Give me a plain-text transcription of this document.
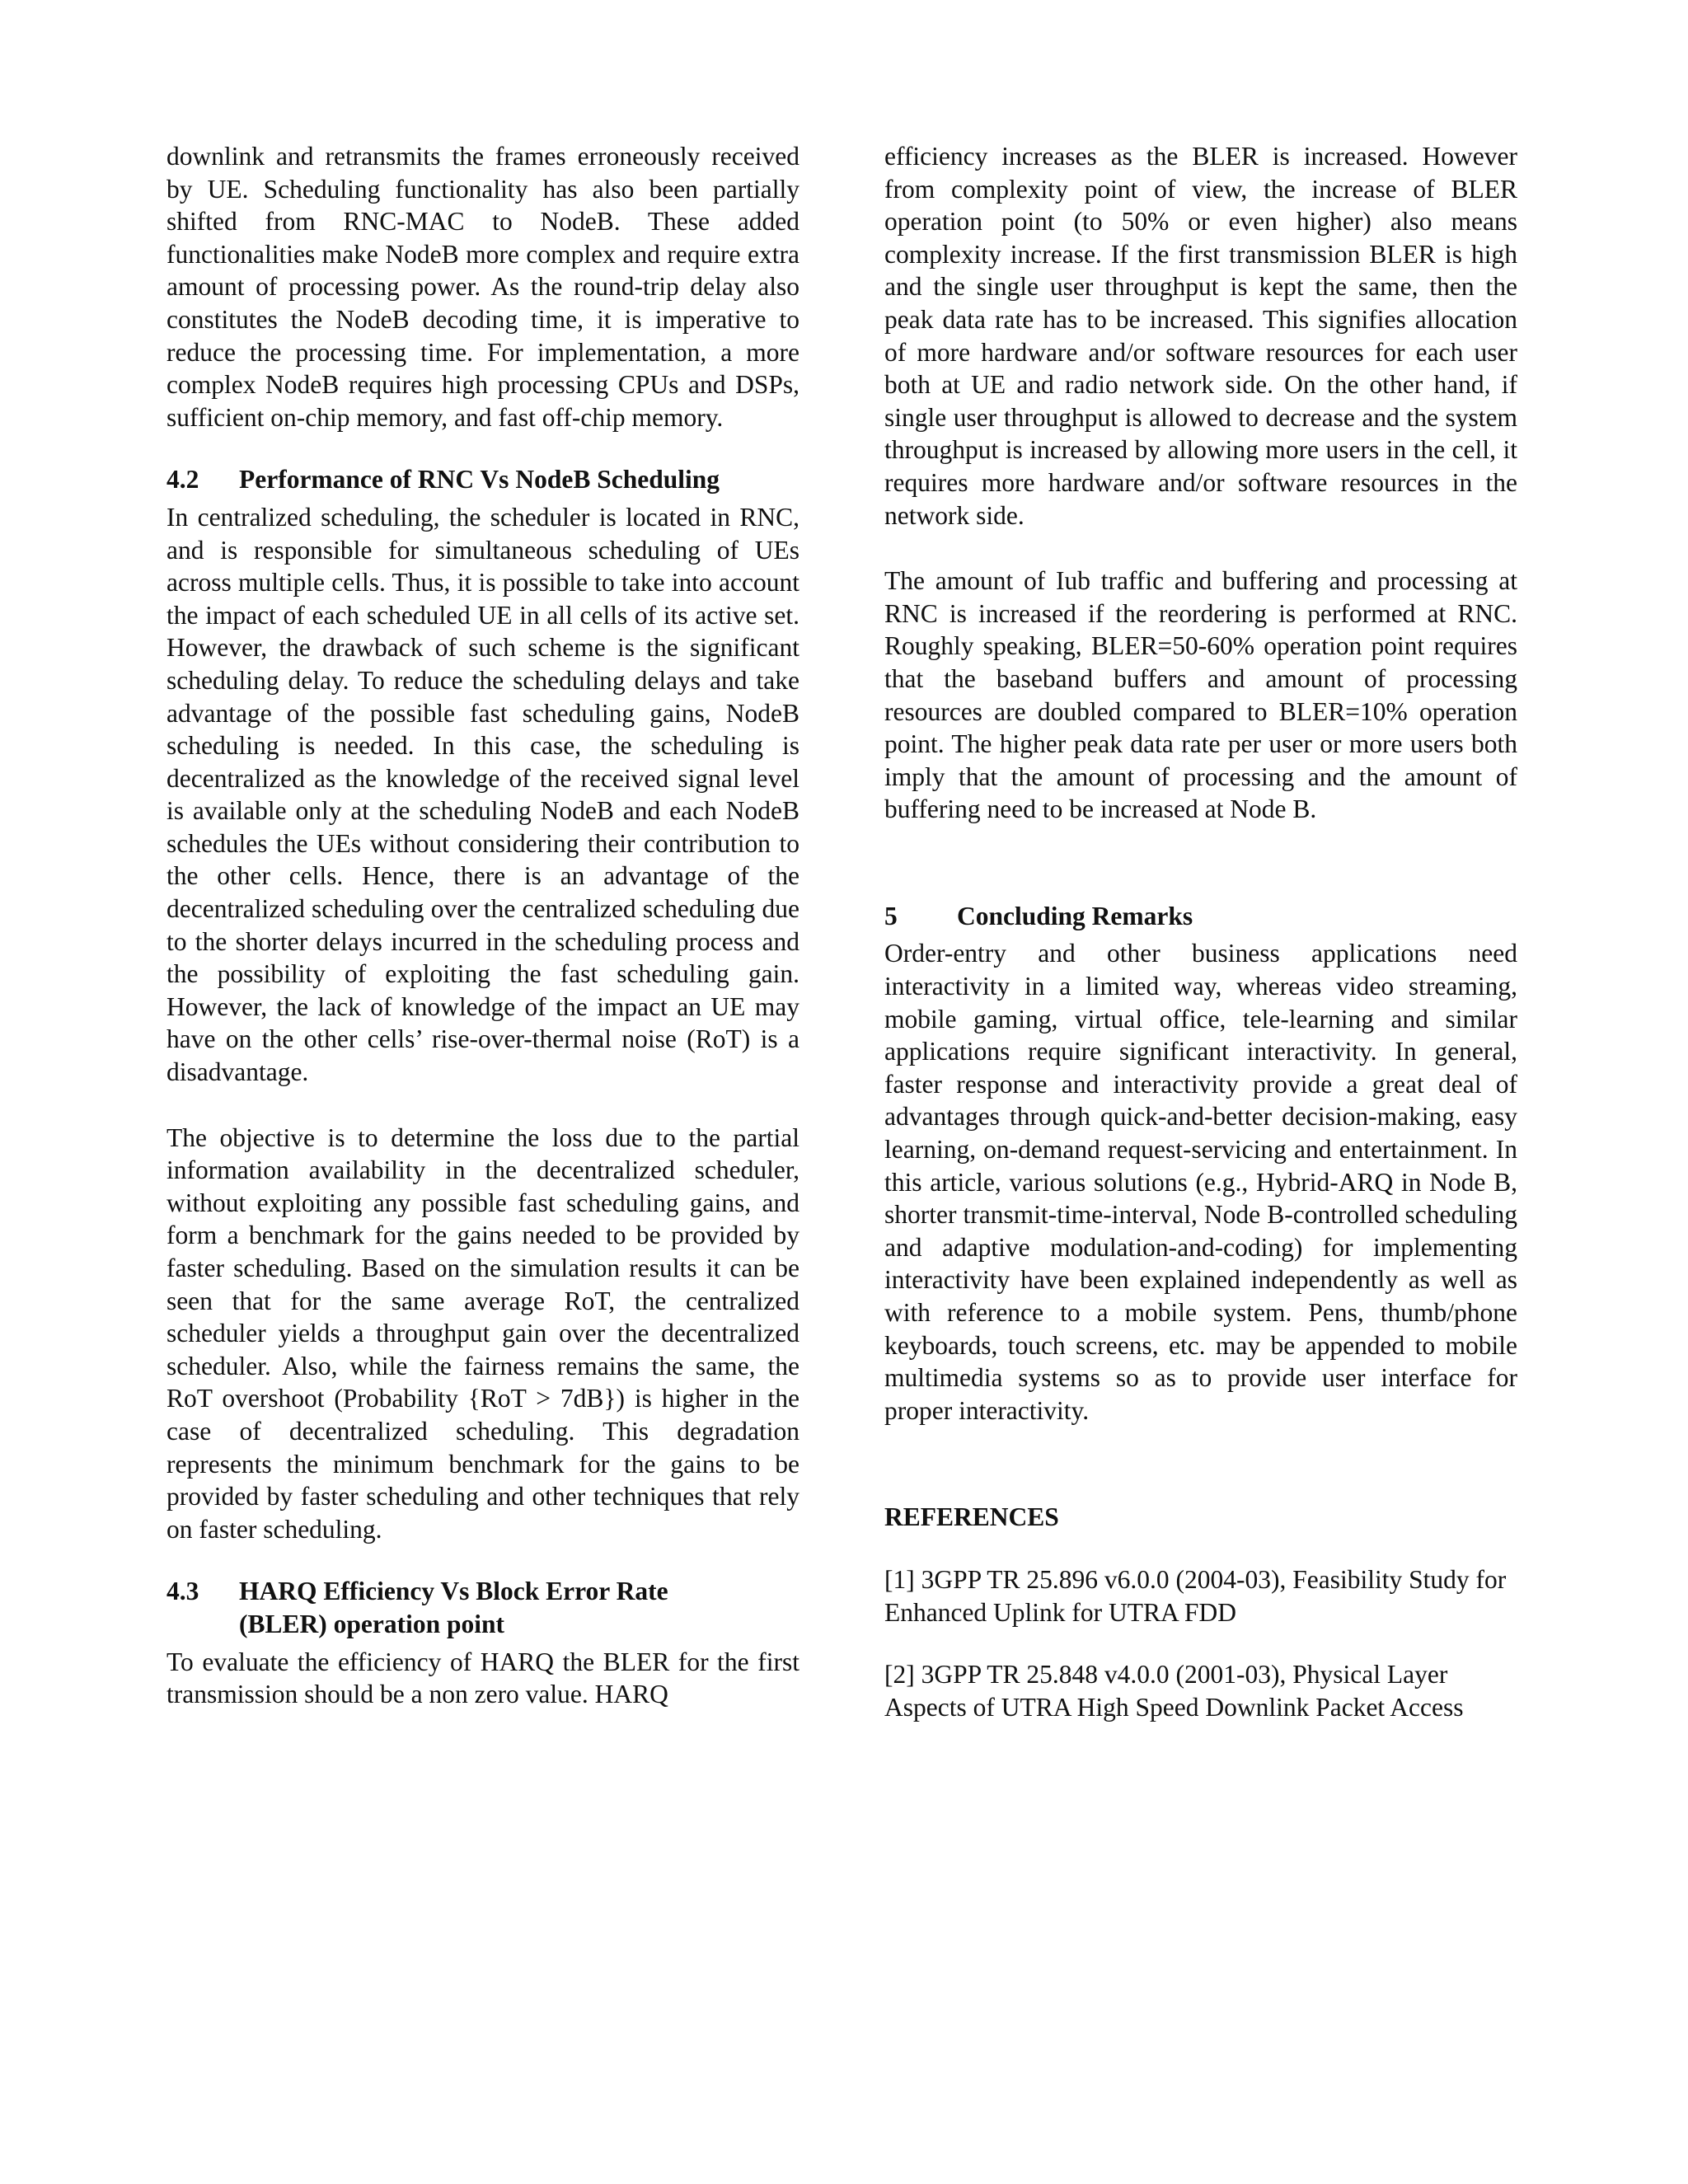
downlink and retransmits the frames erroneously received by UE. Scheduling functionality has also been partially shifted from RNC-MAC to NodeB. These added functionalities make NodeB more complex and require extra amount of processing power. As the round-trip delay also constitutes the NodeB decoding time, it is imperative to reduce the processing time. For implementation, a more complex NodeB requires high processing CPUs and DSPs, sufficient on-chip memory, and fast off-chip memory.

4.2	Performance of RNC Vs NodeB Scheduling

In centralized scheduling, the scheduler is located in RNC, and is responsible for simultaneous scheduling of UEs across multiple cells. Thus, it is possible to take into account the impact of each scheduled UE in all cells of its active set. However, the drawback of such scheme is the significant scheduling delay. To reduce the scheduling delays and take advantage of the possible fast scheduling gains, NodeB scheduling is needed. In this case, the scheduling is decentralized as the knowledge of the received signal level is available only at the scheduling NodeB and each NodeB schedules the UEs without considering their contribution to the other cells. Hence, there is an advantage of the decentralized scheduling over the centralized scheduling due to the shorter delays incurred in the scheduling process and the possibility of exploiting the fast scheduling gain. However, the lack of knowledge of the impact an UE may have on the other cells’ rise-over-thermal noise (RoT) is a disadvantage.

The objective is to determine the loss due to the partial information availability in the decentralized scheduler, without exploiting any possible fast scheduling gains, and form a benchmark for the gains needed to be provided by faster scheduling. Based on the simulation results it can be seen that for the same average RoT, the centralized scheduler yields a throughput gain over the decentralized scheduler. Also, while the fairness remains the same, the RoT overshoot (Probability {RoT > 7dB}) is higher in the case of decentralized scheduling. This degradation represents the minimum benchmark for the gains to be provided by faster scheduling and other techniques that rely on faster scheduling.

4.3	HARQ Efficiency Vs Block Error Rate
(BLER) operation point

To evaluate the efficiency of HARQ the BLER for the first transmission should be a non zero value. HARQ

efficiency increases as the BLER is increased. However from complexity point of view, the increase of BLER operation point (to 50% or even higher) also means complexity increase. If the first transmission BLER is high and the single user throughput is kept the same, then the peak data rate has to be increased. This signifies allocation of more hardware and/or software resources for each user both at UE and radio network side. On the other hand, if single user throughput is allowed to decrease and the system throughput is increased by allowing more users in the cell, it requires more hardware and/or software resources in the network side.

The amount of Iub traffic and buffering and processing at RNC is increased if the reordering is performed at RNC. Roughly speaking, BLER=50-60% operation point requires that the baseband buffers and amount of processing resources are doubled compared to BLER=10% operation point. The higher peak data rate per user or more users both imply that the amount of processing and the amount of buffering need to be increased at Node B.

5	Concluding Remarks

Order-entry and other business applications need interactivity in a limited way, whereas video streaming, mobile gaming, virtual office, tele-learning and similar applications require significant interactivity. In general, faster response and interactivity provide a great deal of advantages through quick-and-better decision-making, easy learning, on-demand request-servicing and entertainment. In this article, various solutions (e.g., Hybrid-ARQ in Node B, shorter transmit-time-interval, Node B-controlled scheduling and adaptive modulation-and-coding) for implementing interactivity have been explained independently as well as with reference to a mobile system. Pens, thumb/phone keyboards, touch screens, etc. may be appended to mobile multimedia systems so as to provide user interface for proper interactivity.

REFERENCES

[1] 3GPP TR 25.896 v6.0.0 (2004-03), Feasibility Study for Enhanced Uplink for UTRA FDD

[2] 3GPP TR 25.848 v4.0.0 (2001-03), Physical Layer Aspects of UTRA High Speed Downlink Packet Access
